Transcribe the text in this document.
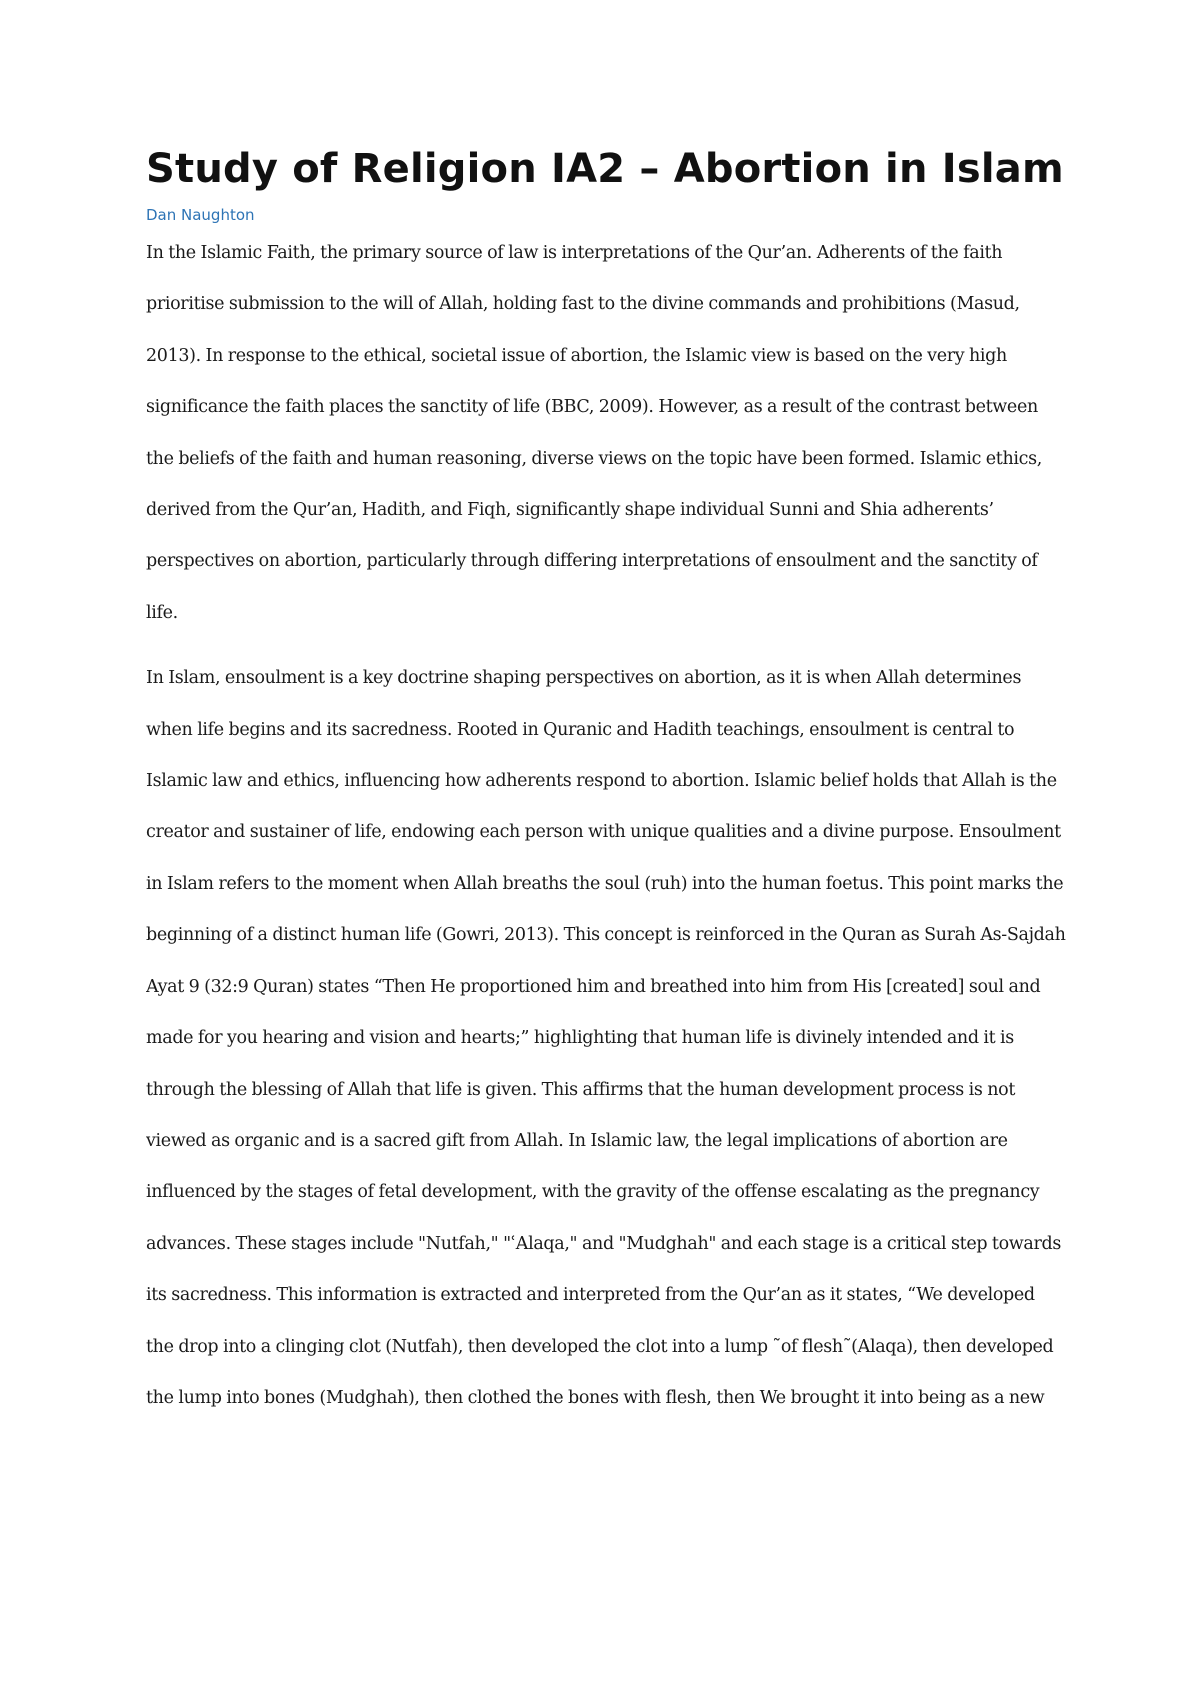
Study of Religion IA2 – Abortion in Islam
Dan Naughton

In the Islamic Faith, the primary source of law is interpretations of the Qur’an. Adherents of the faith prioritise submission to the will of Allah, holding fast to the divine commands and prohibitions (Masud, 2013). In response to the ethical, societal issue of abortion, the Islamic view is based on the very high significance the faith places the sanctity of life (BBC, 2009). However, as a result of the contrast between the beliefs of the faith and human reasoning, diverse views on the topic have been formed. Islamic ethics, derived from the Qur’an, Hadith, and Fiqh, significantly shape individual Sunni and Shia adherents’ perspectives on abortion, particularly through differing interpretations of ensoulment and the sanctity of life.

In Islam, ensoulment is a key doctrine shaping perspectives on abortion, as it is when Allah determines when life begins and its sacredness. Rooted in Quranic and Hadith teachings, ensoulment is central to Islamic law and ethics, influencing how adherents respond to abortion. Islamic belief holds that Allah is the creator and sustainer of life, endowing each person with unique qualities and a divine purpose. Ensoulment in Islam refers to the moment when Allah breaths the soul (ruh) into the human foetus. This point marks the beginning of a distinct human life (Gowri, 2013). This concept is reinforced in the Quran as Surah As-Sajdah Ayat 9 (32:9 Quran) states “Then He proportioned him and breathed into him from His [created] soul and made for you hearing and vision and hearts;” highlighting that human life is divinely intended and it is through the blessing of Allah that life is given. This affirms that the human development process is not viewed as organic and is a sacred gift from Allah. In Islamic law, the legal implications of abortion are influenced by the stages of fetal development, with the gravity of the offense escalating as the pregnancy advances. These stages include "Nutfah," "ʿAlaqa," and "Mudghah" and each stage is a critical step towards its sacredness. This information is extracted and interpreted from the Qur’an as it states, “We developed the drop into a clinging clot (Nutfah), then developed the clot into a lump ˜of flesh˜(Alaqa), then developed the lump into bones (Mudghah), then clothed the bones with flesh, then We brought it into being as a new
